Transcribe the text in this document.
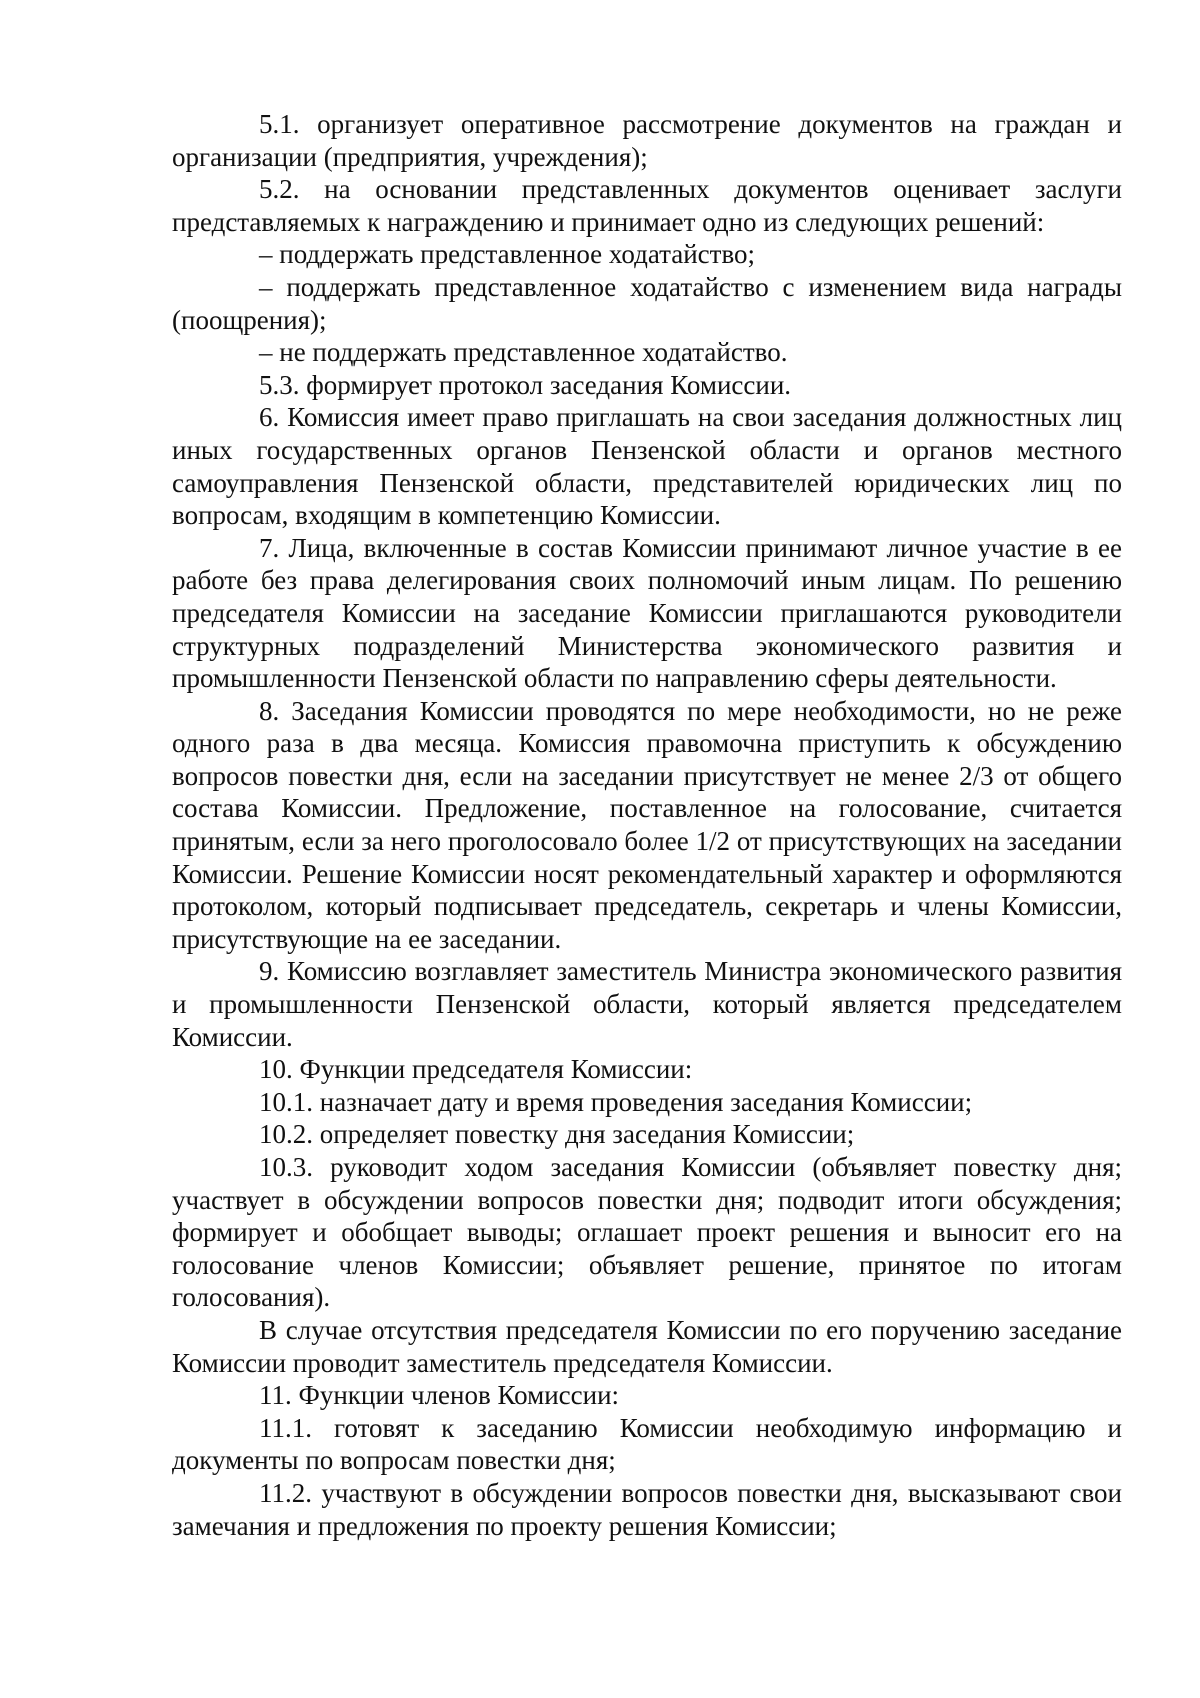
5.1. организует оперативное рассмотрение документов на граждан и организации (предприятия, учреждения);

5.2. на основании представленных документов оценивает заслуги представляемых к награждению и принимает одно из следующих решений:

– поддержать представленное ходатайство;

– поддержать представленное ходатайство с изменением вида награды (поощрения);

– не поддержать представленное ходатайство.

5.3. формирует протокол заседания Комиссии.

6. Комиссия имеет право приглашать на свои заседания должностных лиц иных государственных органов Пензенской области и органов местного самоуправления Пензенской области, представителей юридических лиц по вопросам, входящим в компетенцию Комиссии.

7. Лица, включенные в состав Комиссии принимают личное участие в ее работе без права делегирования своих полномочий иным лицам. По решению председателя Комиссии на заседание Комиссии приглашаются руководители структурных подразделений Министерства экономического развития и промышленности Пензенской области по направлению сферы деятельности.

8. Заседания Комиссии проводятся по мере необходимости, но не реже одного раза в два месяца. Комиссия правомочна приступить к обсуждению вопросов повестки дня, если на заседании присутствует не менее 2/3 от общего состава Комиссии. Предложение, поставленное на голосование, считается принятым, если за него проголосовало более 1/2 от присутствующих на заседании Комиссии. Решение Комиссии носят рекомендательный характер и оформляются протоколом, который подписывает председатель, секретарь и члены Комиссии, присутствующие на ее заседании.

9. Комиссию возглавляет заместитель Министра экономического развития и промышленности Пензенской области, который является председателем Комиссии.

10. Функции председателя Комиссии:

10.1. назначает дату и время проведения заседания Комиссии;

10.2. определяет повестку дня заседания Комиссии;

10.3. руководит ходом заседания Комиссии (объявляет повестку дня; участвует в обсуждении вопросов повестки дня; подводит итоги обсуждения; формирует и обобщает выводы; оглашает проект решения и выносит его на голосование членов Комиссии; объявляет решение, принятое по итогам голосования).

В случае отсутствия председателя Комиссии по его поручению заседание Комиссии проводит заместитель председателя Комиссии.

11. Функции членов Комиссии:

11.1. готовят к заседанию Комиссии необходимую информацию и документы по вопросам повестки дня;

11.2. участвуют в обсуждении вопросов повестки дня, высказывают свои замечания и предложения по проекту решения Комиссии;
